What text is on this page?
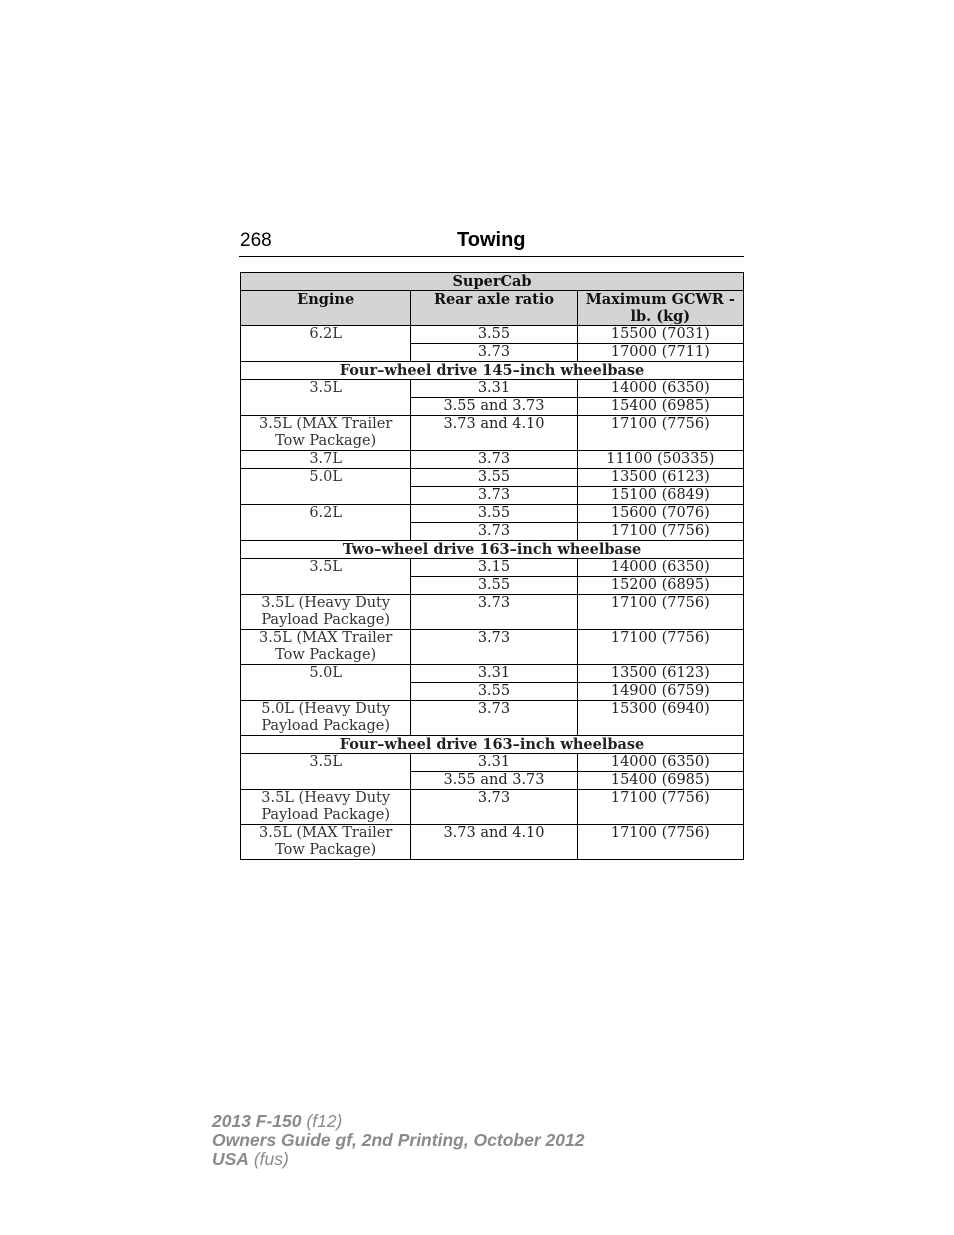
268	Towing
SuperCab		
Engine	Rear axle ratio	Maximum GCWR - lb. (kg)
6.2L	3.55	15500 (7031)
	3.73	17000 (7711)
Four–wheel drive 145–inch wheelbase		
3.5L	3.31	14000 (6350)
	3.55 and 3.73	15400 (6985)
3.5L (MAX Trailer Tow Package)	3.73 and 4.10	17100 (7756)
3.7L	3.73	11100 (50335)
5.0L	3.55	13500 (6123)
	3.73	15100 (6849)
6.2L	3.55	15600 (7076)
	3.73	17100 (7756)
Two–wheel drive 163–inch wheelbase		
3.5L	3.15	14000 (6350)
	3.55	15200 (6895)
3.5L (Heavy Duty Payload Package)	3.73	17100 (7756)
3.5L (MAX Trailer Tow Package)	3.73	17100 (7756)
5.0L	3.31	13500 (6123)
	3.55	14900 (6759)
5.0L (Heavy Duty Payload Package)	3.73	15300 (6940)
Four–wheel drive 163–inch wheelbase		
3.5L	3.31	14000 (6350)
	3.55 and 3.73	15400 (6985)
3.5L (Heavy Duty Payload Package)	3.73	17100 (7756)
3.5L (MAX Trailer Tow Package)	3.73 and 4.10	17100 (7756)
2013 F-150 (f12)
Owners Guide gf, 2nd Printing, October 2012
USA (fus)
